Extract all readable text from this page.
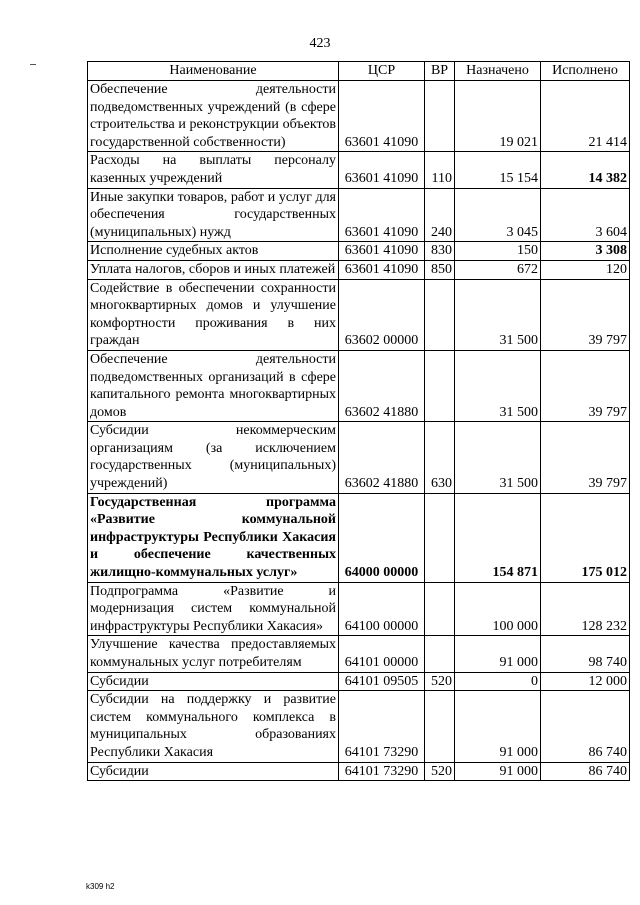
423
Наименование	ЦСР	ВР	Назначено	Исполнено
Обеспечение деятельности подведомственных учреждений (в сфере строительства и реконструкции объектов государственной собственности)	63601 41090		19 021	21 414
Расходы на выплаты персоналу казенных учреждений	63601 41090	110	15 154	14 382
Иные закупки товаров, работ и услуг для обеспечения государственных (муниципальных) нужд	63601 41090	240	3 045	3 604
Исполнение судебных актов	63601 41090	830	150	3 308
Уплата налогов, сборов и иных платежей	63601 41090	850	672	120
Содействие в обеспечении сохранности многоквартирных домов и улучшение комфортности проживания в них граждан	63602 00000		31 500	39 797
Обеспечение деятельности подведомственных организаций в сфере капитального ремонта многоквартирных домов	63602 41880		31 500	39 797
Субсидии некоммерческим организациям (за исключением государственных (муниципальных) учреждений)	63602 41880	630	31 500	39 797
Государственная программа «Развитие коммунальной инфраструктуры Республики Хакасия и обеспечение качественных жилищно-коммунальных услуг»	64000 00000		154 871	175 012
Подпрограмма «Развитие и модернизация систем коммунальной инфраструктуры Республики Хакасия»	64100 00000		100 000	128 232
Улучшение качества предоставляемых коммунальных услуг потребителям	64101 00000		91 000	98 740
Субсидии	64101 09505	520	0	12 000
Субсидии на поддержку и развитие систем коммунального комплекса в муниципальных образованиях Республики Хакасия	64101 73290		91 000	86 740
Субсидии	64101 73290	520	91 000	86 740
k309 h2
